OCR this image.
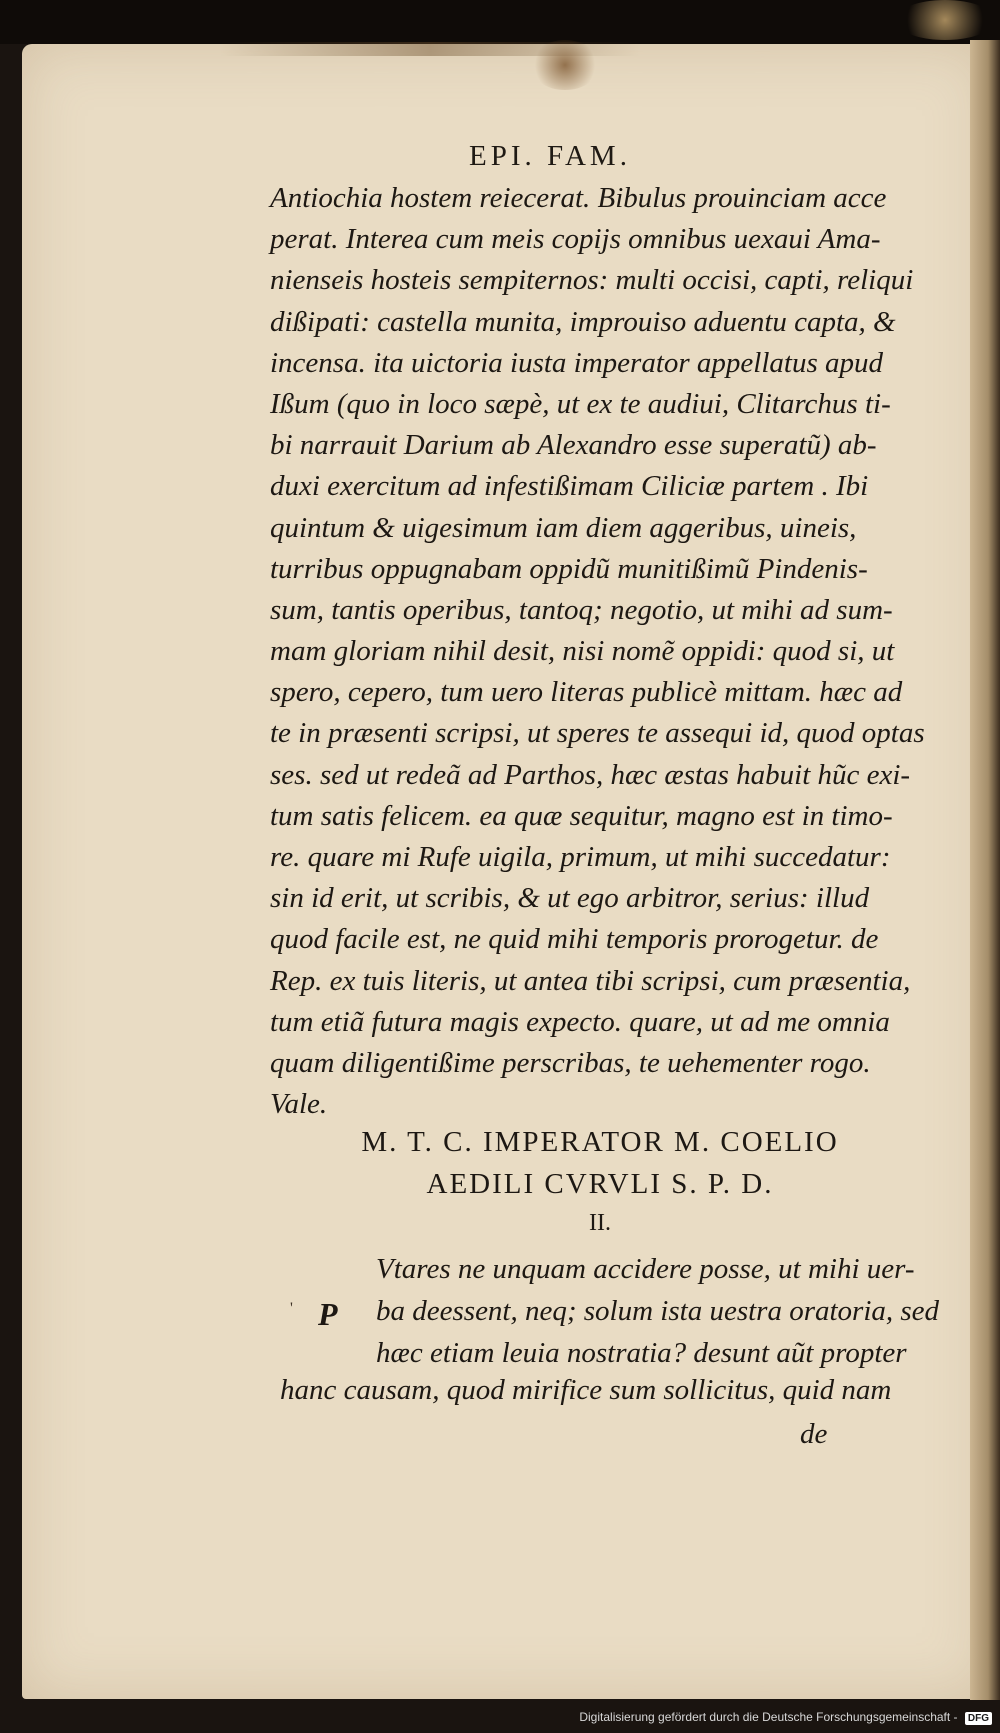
EPI. FAM.
Antiochia hostem reiecerat. Bibulus prouinciam acce
perat. Interea cum meis copijs omnibus uexaui Ama-
nienseis hosteis sempiternos: multi occisi, capti, reliqui
dißipati: castella munita, improuiso aduentu capta, &
incensa. ita uictoria iusta imperator appellatus apud
Ißum (quo in loco sæpè, ut ex te audiui, Clitarchus ti-
bi narrauit Darium ab Alexandro esse superatũ) ab-
duxi exercitum ad infestißimam Ciliciæ partem . Ibi
quintum & uigesimum iam diem aggeribus, uineis,
turribus oppugnabam oppidũ munitißimũ Pindenis-
sum, tantis operibus, tantoq; negotio, ut mihi ad sum-
mam gloriam nihil desit, nisi nomẽ oppidi: quod si, ut
spero, cepero, tum uero literas publicè mittam. hæc ad
te in præsenti scripsi, ut speres te assequi id, quod optas
ses. sed ut redeã ad Parthos, hæc æstas habuit hũc exi-
tum satis felicem. ea quæ sequitur, magno est in timo-
re. quare mi Rufe uigila, primum, ut mihi succedatur:
sin id erit, ut scribis, & ut ego arbitror, serius: illud
quod facile est, ne quid mihi temporis prorogetur. de
Rep. ex tuis literis, ut antea tibi scripsi, cum præsentia,
tum etiã futura magis expecto. quare, ut ad me omnia
quam diligentißime perscribas, te uehementer rogo.
Vale.
M. T. C. IMPERATOR M. COELIO
AEDILI CVRVLI S. P. D.
II.
' P
Vtares ne unquam accidere posse, ut mihi uer-
ba deessent, neq; solum ista uestra oratoria, sed
hæc etiam leuia nostratia? desunt aũt propter
hanc causam, quod mirifice sum sollicitus, quid nam
de
Digitalisierung gefördert durch die Deutsche Forschungsgemeinschaft - DFG
